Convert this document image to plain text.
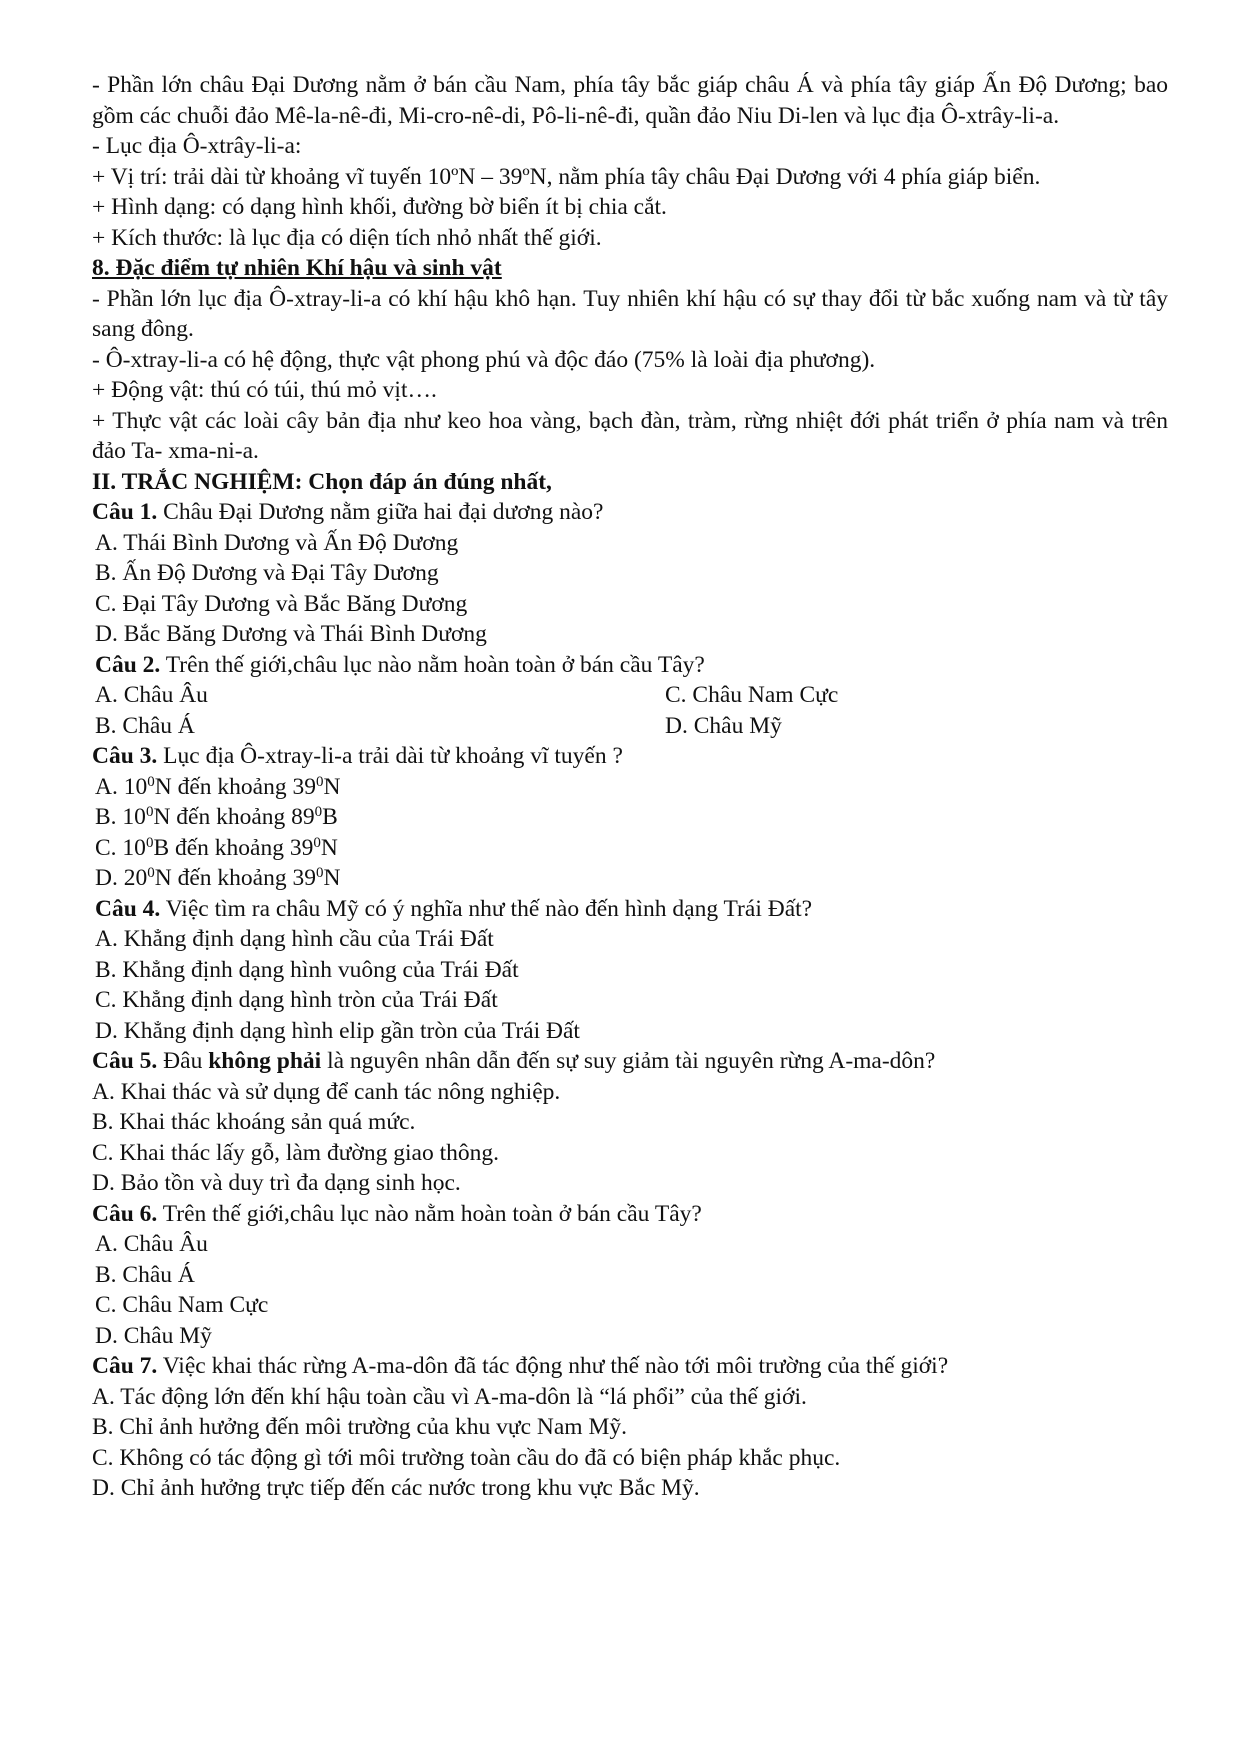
- Phần lớn châu Đại Dương nằm ở bán cầu Nam, phía tây bắc giáp châu Á và phía tây giáp Ấn Độ Dương; bao gồm các chuỗi đảo Mê-la-nê-đi, Mi-cro-nê-di, Pô-li-nê-đi, quần đảo Niu Di-len và lục địa Ô-xtrây-li-a.
- Lục địa Ô-xtrây-li-a:
+ Vị trí: trải dài từ khoảng vĩ tuyến 10ºN – 39ºN, nằm phía tây châu Đại Dương với 4 phía giáp biển.
+ Hình dạng: có dạng hình khối, đường bờ biển ít bị chia cắt.
+ Kích thước: là lục địa có diện tích nhỏ nhất thế giới.
8. Đặc điểm tự nhiên Khí hậu và sinh vật
- Phần lớn lục địa Ô-xtray-li-a có khí hậu khô hạn. Tuy nhiên khí hậu có sự thay đổi từ bắc xuống nam và từ tây sang đông.
- Ô-xtray-li-a có hệ động, thực vật phong phú và độc đáo (75% là loài địa phương).
+ Động vật: thú có túi, thú mỏ vịt….
+ Thực vật các loài cây bản địa như keo hoa vàng, bạch đàn, tràm, rừng nhiệt đới phát triển ở phía nam và trên đảo Ta- xma-ni-a.
II. TRẮC NGHIỆM: Chọn đáp án đúng nhất,
Câu 1. Châu Đại Dương nằm giữa hai đại dương nào?
A. Thái Bình Dương và Ấn Độ Dương
B. Ấn Độ Dương và Đại Tây Dương
C. Đại Tây Dương và Bắc Băng Dương
D. Bắc Băng Dương và Thái Bình Dương
Câu 2. Trên thế giới,châu lục nào nằm hoàn toàn ở bán cầu Tây?
A. Châu Âu	C. Châu Nam Cực
B. Châu Á	D. Châu Mỹ
Câu 3. Lục địa Ô-xtray-li-a trải dài từ khoảng vĩ tuyến ?
A. $10^0N$ đến khoảng $39^0N$
B. $10^0N$ đến khoảng $89^0B$
C. $10^0B$ đến khoảng $39^0N$
D. $20^0N$ đến khoảng $39^0N$
Câu 4. Việc tìm ra châu Mỹ có ý nghĩa như thế nào đến hình dạng Trái Đất?
A. Khẳng định dạng hình cầu của Trái Đất
B. Khẳng định dạng hình vuông của Trái Đất
C. Khẳng định dạng hình tròn của Trái Đất
D. Khẳng định dạng hình elip gần tròn của Trái Đất
Câu 5. Đâu không phải là nguyên nhân dẫn đến sự suy giảm tài nguyên rừng A-ma-dôn?
A. Khai thác và sử dụng để canh tác nông nghiệp.
B. Khai thác khoáng sản quá mức.
C. Khai thác lấy gỗ, làm đường giao thông.
D. Bảo tồn và duy trì đa dạng sinh học.
Câu 6. Trên thế giới,châu lục nào nằm hoàn toàn ở bán cầu Tây?
A. Châu Âu
B. Châu Á
C. Châu Nam Cực
D. Châu Mỹ
Câu 7. Việc khai thác rừng A-ma-dôn đã tác động như thế nào tới môi trường của thế giới?
A. Tác động lớn đến khí hậu toàn cầu vì A-ma-dôn là “lá phổi” của thế giới.
B. Chỉ ảnh hưởng đến môi trường của khu vực Nam Mỹ.
C. Không có tác động gì tới môi trường toàn cầu do đã có biện pháp khắc phục.
D. Chỉ ảnh hưởng trực tiếp đến các nước trong khu vực Bắc Mỹ.
